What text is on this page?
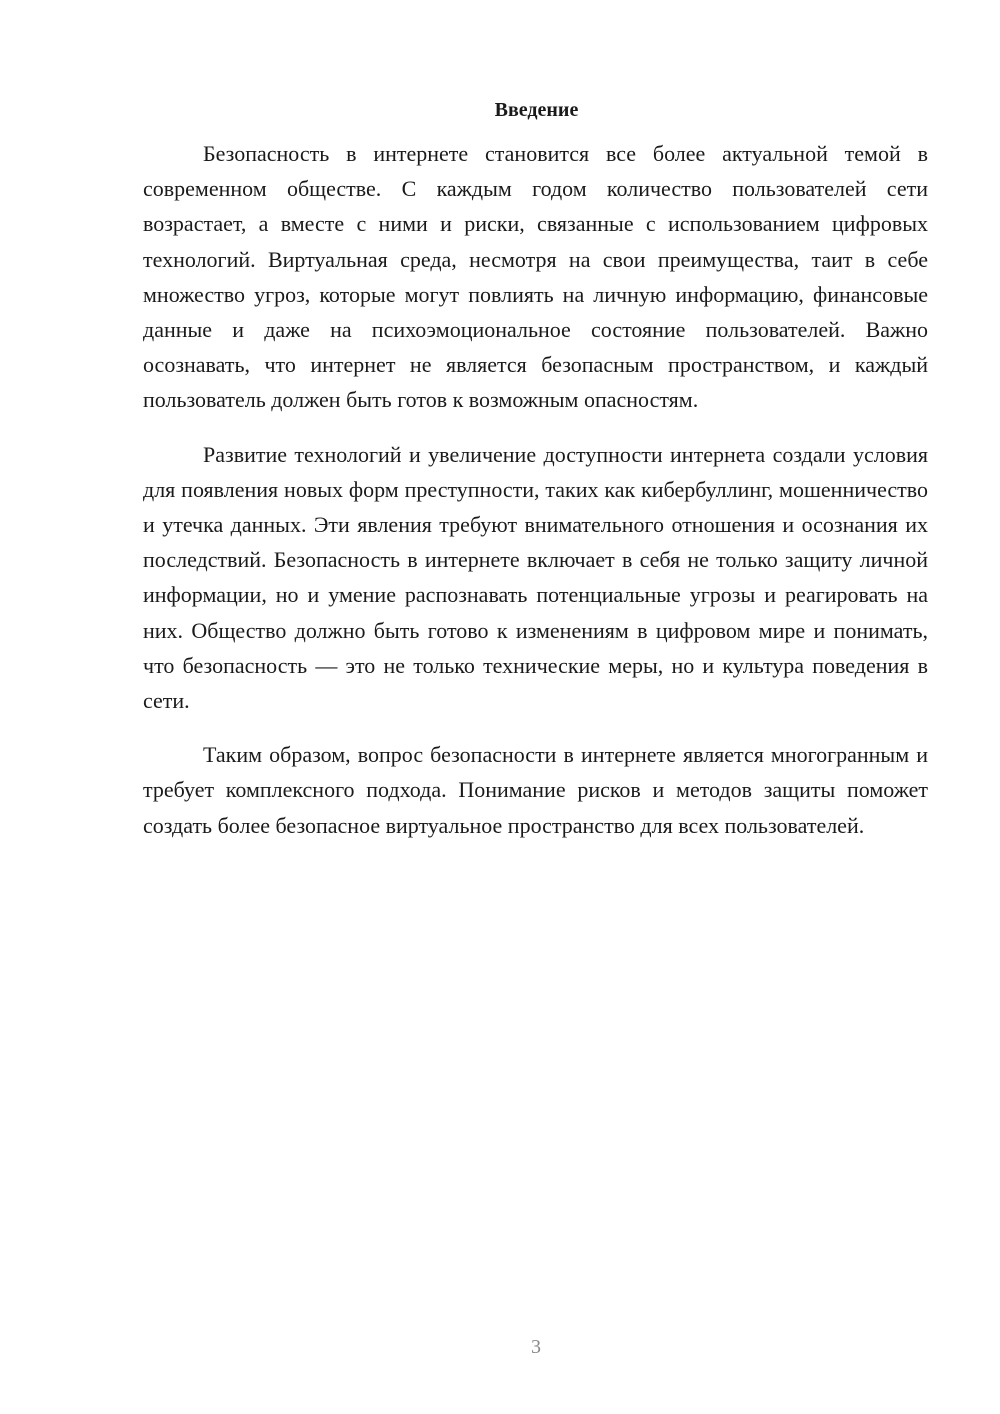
Введение

Безопасность в интернете становится все более актуальной темой в современном обществе. С каждым годом количество пользователей сети возрастает, а вместе с ними и риски, связанные с использованием цифровых технологий. Виртуальная среда, несмотря на свои преимущества, таит в себе множество угроз, которые могут повлиять на личную информацию, финансовые данные и даже на психоэмоциональное состояние пользователей. Важно осознавать, что интернет не является безопасным пространством, и каждый пользователь должен быть готов к возможным опасностям.

Развитие технологий и увеличение доступности интернета создали условия для появления новых форм преступности, таких как кибербуллинг, мошенничество и утечка данных. Эти явления требуют внимательного отношения и осознания их последствий. Безопасность в интернете включает в себя не только защиту личной информации, но и умение распознавать потенциальные угрозы и реагировать на них. Общество должно быть готово к изменениям в цифровом мире и понимать, что безопасность — это не только технические меры, но и культура поведения в сети.

Таким образом, вопрос безопасности в интернете является многогранным и требует комплексного подхода. Понимание рисков и методов защиты поможет создать более безопасное виртуальное пространство для всех пользователей.

3
